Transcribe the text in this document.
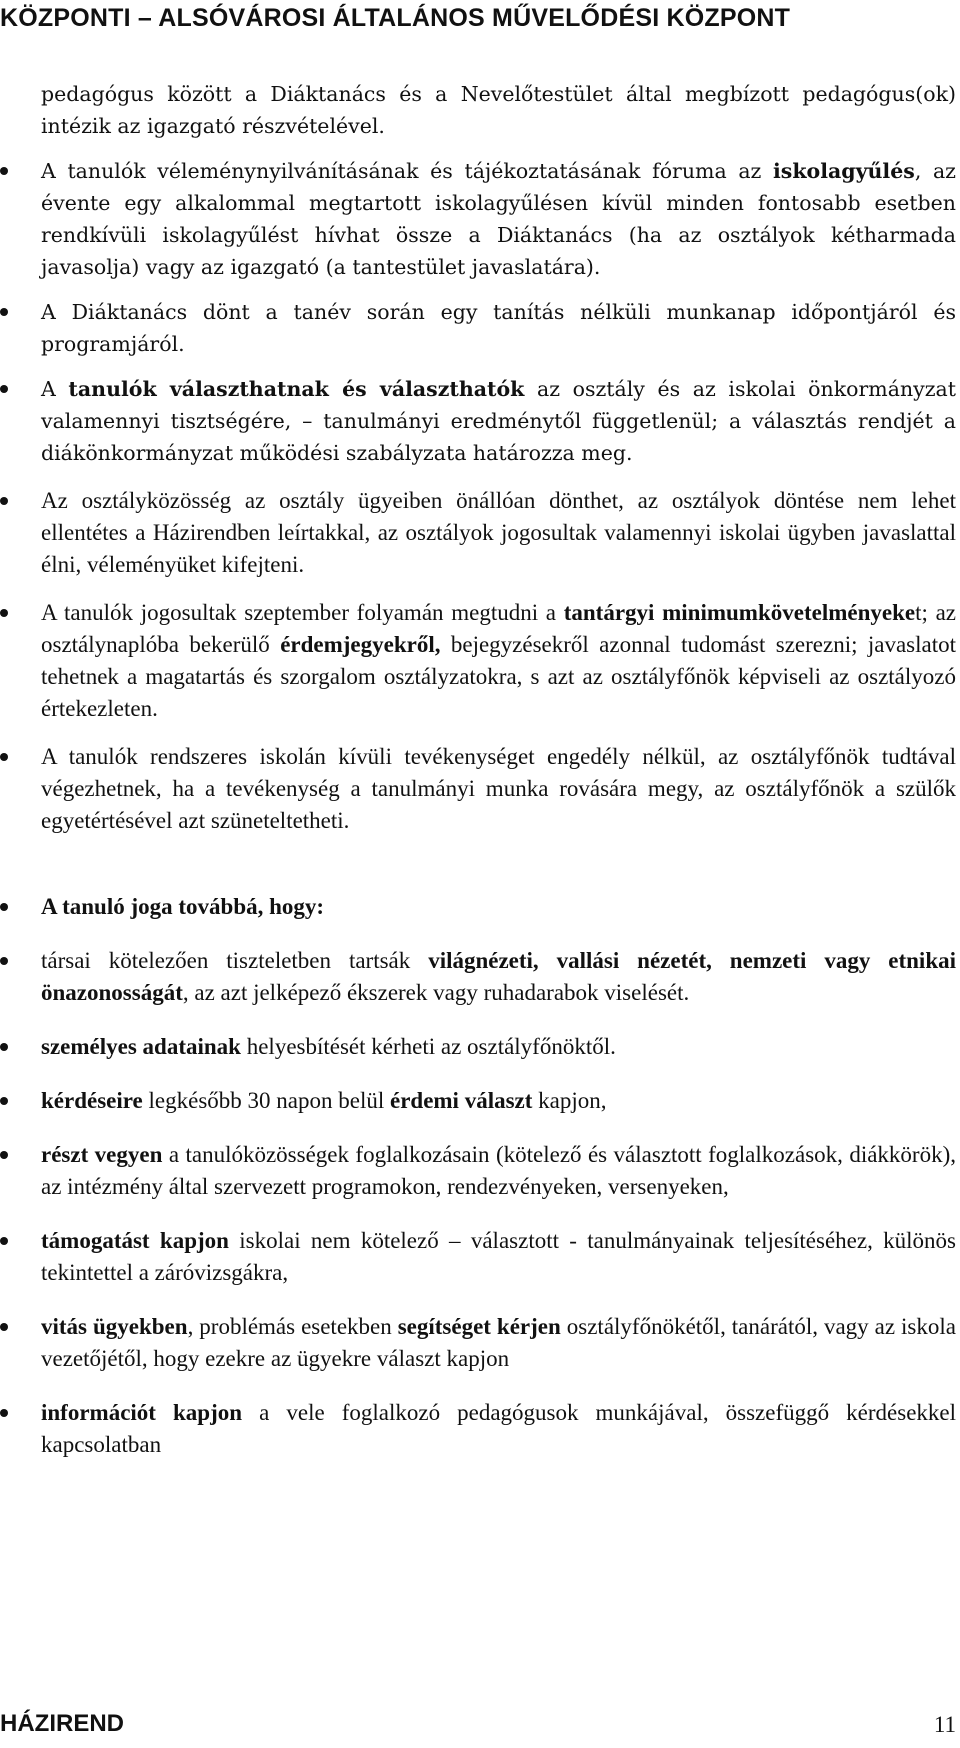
KÖZPONTI – ALSÓVÁROSI ÁLTALÁNOS MŰVELŐDÉSI KÖZPONT
pedagógus között a Diáktanács és a Nevelőtestület által megbízott pedagógus(ok) intézik az igazgató részvételével.
A tanulók véleménynyilvánításának és tájékoztatásának fóruma az iskolagyűlés, az évente egy alkalommal megtartott iskolagyűlésen kívül minden fontosabb esetben rendkívüli iskolagyűlést hívhat össze a Diáktanács (ha az osztályok kétharmada javasolja) vagy az igazgató (a tantestület javaslatára).
A Diáktanács dönt a tanév során egy tanítás nélküli munkanap időpontjáról és programjáról.
A tanulók választhatnak és választhatók az osztály és az iskolai önkormányzat valamennyi tisztségére, – tanulmányi eredménytől függetlenül; a választás rendjét a diákönkormányzat működési szabályzata határozza meg.
Az osztályközösség az osztály ügyeiben önállóan dönthet, az osztályok döntése nem lehet ellentétes a Házirendben leírtakkal, az osztályok jogosultak valamennyi iskolai ügyben javaslattal élni, véleményüket kifejteni.
A tanulók jogosultak szeptember folyamán megtudni a tantárgyi minimumkövetelményeket; az osztálynaplóba bekerülő érdemjegyekről, bejegyzésekről azonnal tudomást szerezni; javaslatot tehetnek a magatartás és szorgalom osztályzatokra, s azt az osztályfőnök képviseli az osztályozó értekezleten.
A tanulók rendszeres iskolán kívüli tevékenységet engedély nélkül, az osztályfőnök tudtával végezhetnek, ha a tevékenység a tanulmányi munka rovására megy, az osztályfőnök a szülők egyetértésével azt szüneteltetheti.
A tanuló joga továbbá, hogy:
társai kötelezően tiszteletben tartsák világnézeti, vallási nézetét, nemzeti vagy etnikai önazonosságát, az azt jelképező ékszerek vagy ruhadarabok viselését.
személyes adatainak helyesbítését kérheti az osztályfőnöktől.
kérdéseire legkésőbb 30 napon belül érdemi választ kapjon,
részt vegyen a tanulóközösségek foglalkozásain (kötelező és választott foglalkozások, diákkörök), az intézmény által szervezett programokon, rendezvényeken, versenyeken,
támogatást kapjon iskolai nem kötelező – választott - tanulmányainak teljesítéséhez, különös tekintettel a záróvizsgákra,
vitás ügyekben, problémás esetekben segítséget kérjen osztályfőnökétől, tanárától, vagy az iskola vezetőjétől, hogy ezekre az ügyekre választ kapjon
információt kapjon a vele foglalkozó pedagógusok munkájával, összefüggő kérdésekkel kapcsolatban
HÁZIREND	11
